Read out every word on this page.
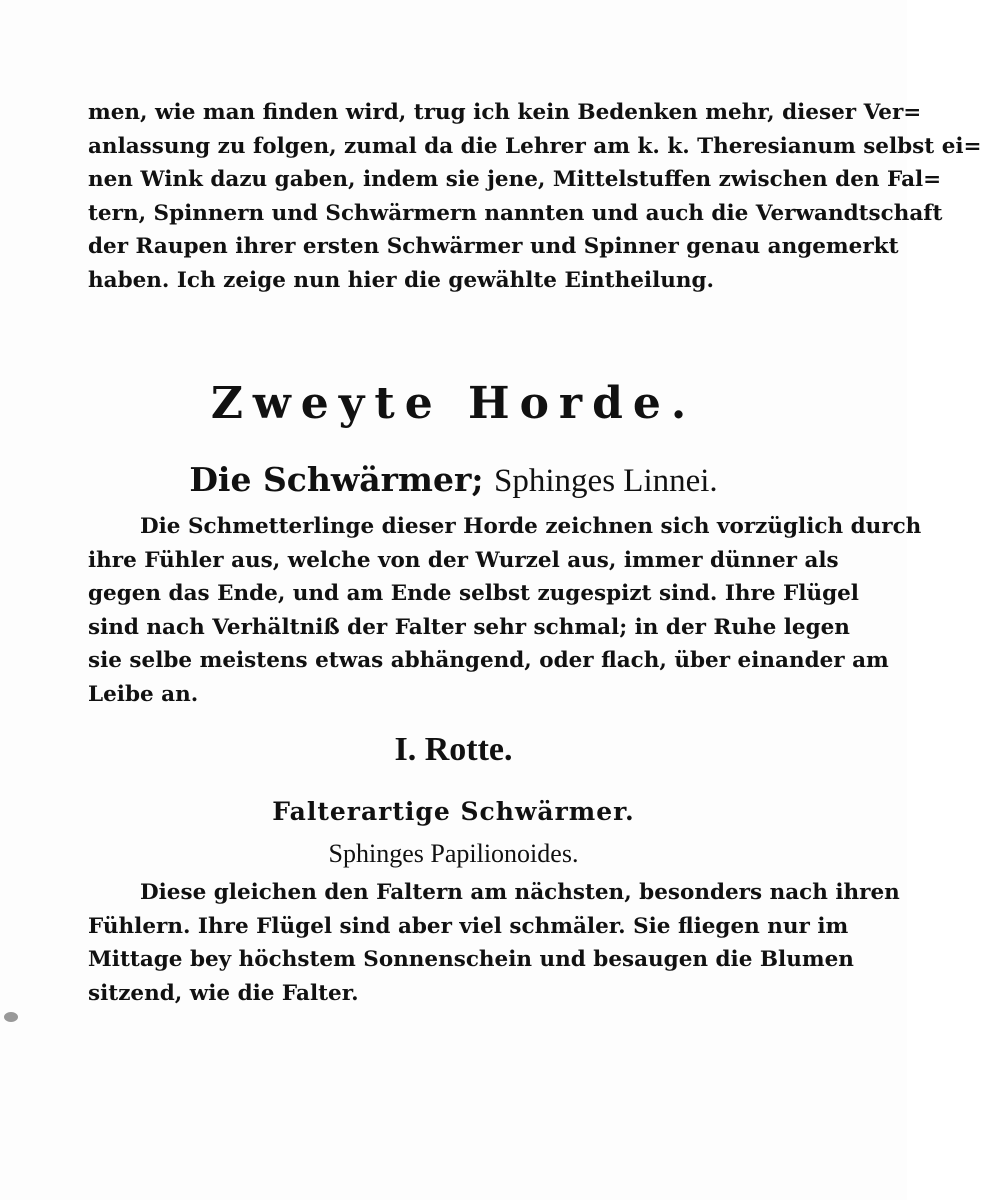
men, wie man finden wird, trug ich kein Bedenken mehr, dieser Ver=
anlassung zu folgen, zumal da die Lehrer am k. k. Theresianum selbst ei=
nen Wink dazu gaben, indem sie jene, Mittelstuffen zwischen den Fal=
tern, Spinnern und Schwärmern nannten und auch die Verwandtschaft
der Raupen ihrer ersten Schwärmer und Spinner genau angemerkt
haben. Ich zeige nun hier die gewählte Eintheilung.
Zweyte Horde.
Die Schwärmer; Sphinges Linnei.
Die Schmetterlinge dieser Horde zeichnen sich vorzüglich durch
ihre Fühler aus, welche von der Wurzel aus, immer dünner als
gegen das Ende, und am Ende selbst zugespizt sind. Ihre Flügel
sind nach Verhältniß der Falter sehr schmal; in der Ruhe legen
sie selbe meistens etwas abhängend, oder flach, über einander am
Leibe an.
I. Rotte.
Falterartige Schwärmer.
Sphinges Papilionoides.
Diese gleichen den Faltern am nächsten, besonders nach ihren
Fühlern. Ihre Flügel sind aber viel schmäler. Sie fliegen nur im
Mittage bey höchstem Sonnenschein und besaugen die Blumen
sitzend, wie die Falter.
